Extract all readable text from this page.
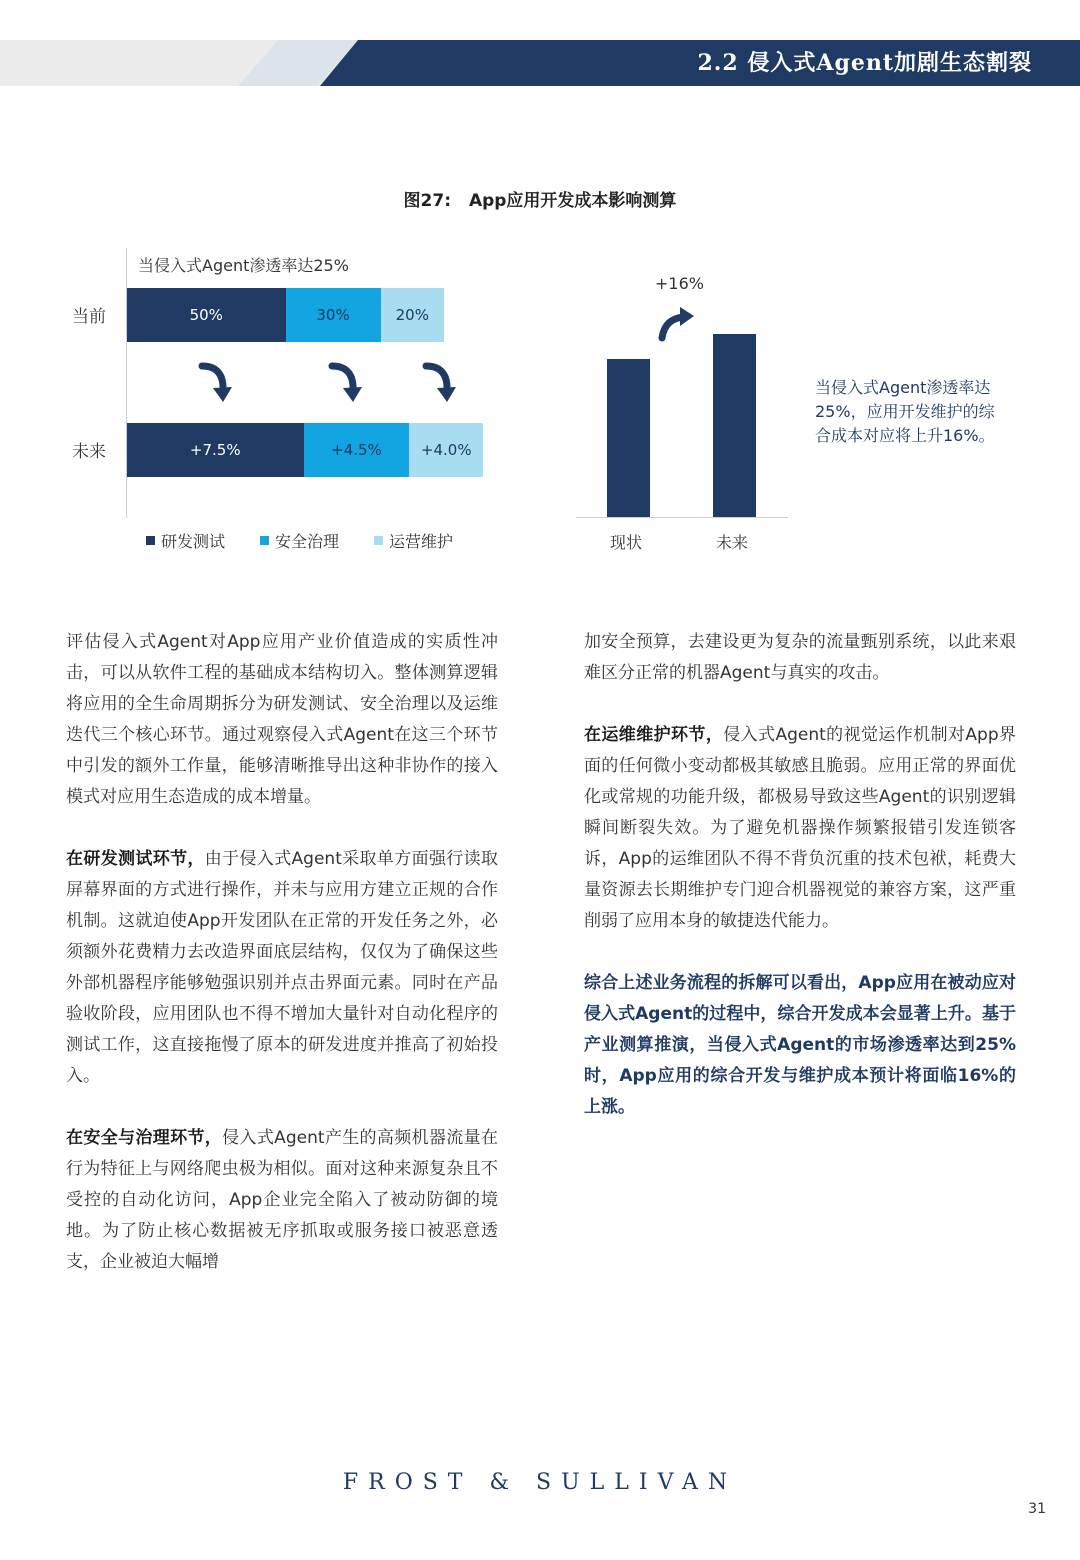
2.2 侵入式Agent加剧生态割裂
图27: App应用开发成本影响测算
当侵入式Agent渗透率达25%
当前
未来
50%	30%	20%
+7.5%	+4.5%	+4.0%
研发测试	安全治理	运营维护	现状	未来
+16%
当侵入式Agent渗透率达25%，应用开发维护的综合成本对应将上升16%。

评估侵入式Agent对App应用产业价值造成的实质性冲击，可以从软件工程的基础成本结构切入。整体测算逻辑将应用的全生命周期拆分为研发测试、安全治理以及运维迭代三个核心环节。通过观察侵入式Agent在这三个环节中引发的额外工作量，能够清晰推导出这种非协作的接入模式对应用生态造成的成本增量。

在研发测试环节，由于侵入式Agent采取单方面强行读取屏幕界面的方式进行操作，并未与应用方建立正规的合作机制。这就迫使App开发团队在正常的开发任务之外，必须额外花费精力去改造界面底层结构，仅仅为了确保这些外部机器程序能够勉强识别并点击界面元素。同时在产品验收阶段，应用团队也不得不增加大量针对自动化程序的测试工作，这直接拖慢了原本的研发进度并推高了初始投入。

在安全与治理环节，侵入式Agent产生的高频机器流量在行为特征上与网络爬虫极为相似。面对这种来源复杂且不受控的自动化访问，App企业完全陷入了被动防御的境地。为了防止核心数据被无序抓取或服务接口被恶意透支，企业被迫大幅增

加安全预算，去建设更为复杂的流量甄别系统，以此来艰难区分正常的机器Agent与真实的攻击。

在运维维护环节，侵入式Agent的视觉运作机制对App界面的任何微小变动都极其敏感且脆弱。应用正常的界面优化或常规的功能升级，都极易导致这些Agent的识别逻辑瞬间断裂失效。为了避免机器操作频繁报错引发连锁客诉，App的运维团队不得不背负沉重的技术包袱，耗费大量资源去长期维护专门迎合机器视觉的兼容方案，这严重削弱了应用本身的敏捷迭代能力。

综合上述业务流程的拆解可以看出，App应用在被动应对侵入式Agent的过程中，综合开发成本会显著上升。基于产业测算推演，当侵入式Agent的市场渗透率达到25%时，App应用的综合开发与维护成本预计将面临16%的上涨。

FROST & SULLIVAN
31
